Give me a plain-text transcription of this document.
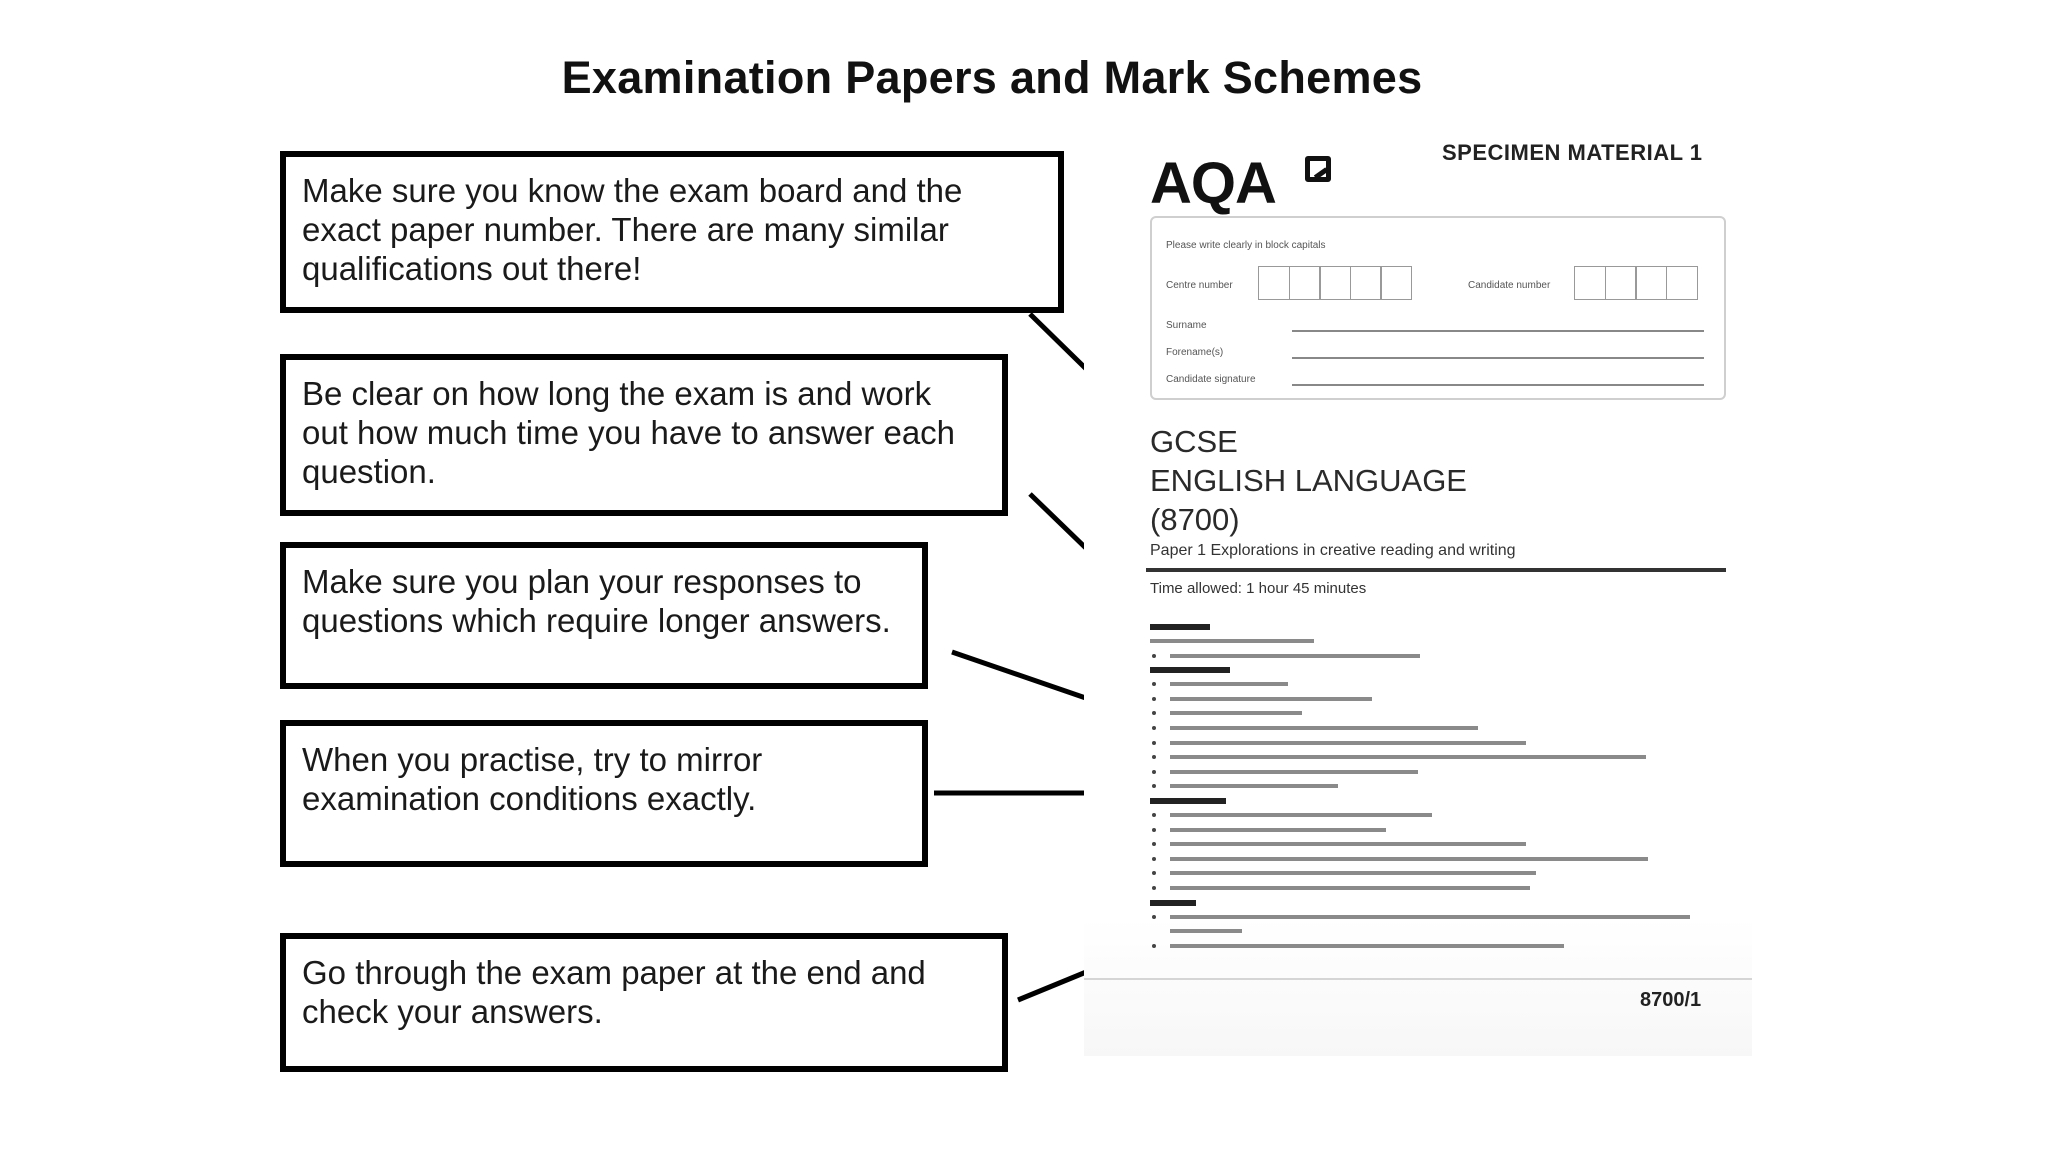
Examination Papers and Mark Schemes
Make sure you know the exam board and the exact paper number. There are many similar qualifications out there!
Be clear on how long the exam is and work out how much time you have to answer each question.
Make sure you plan your responses to questions which require longer answers.
When you practise, try to mirror examination conditions exactly.
Go through the exam paper at the end and check your answers.
AQA	SPECIMEN MATERIAL 1
Please write clearly in block capitals
Centre number	Candidate number
Surname
Forename(s)
Candidate signature
GCSE
ENGLISH LANGUAGE
(8700)
Paper 1 Explorations in creative reading and writing
Time allowed: 1 hour 45 minutes
8700/1
